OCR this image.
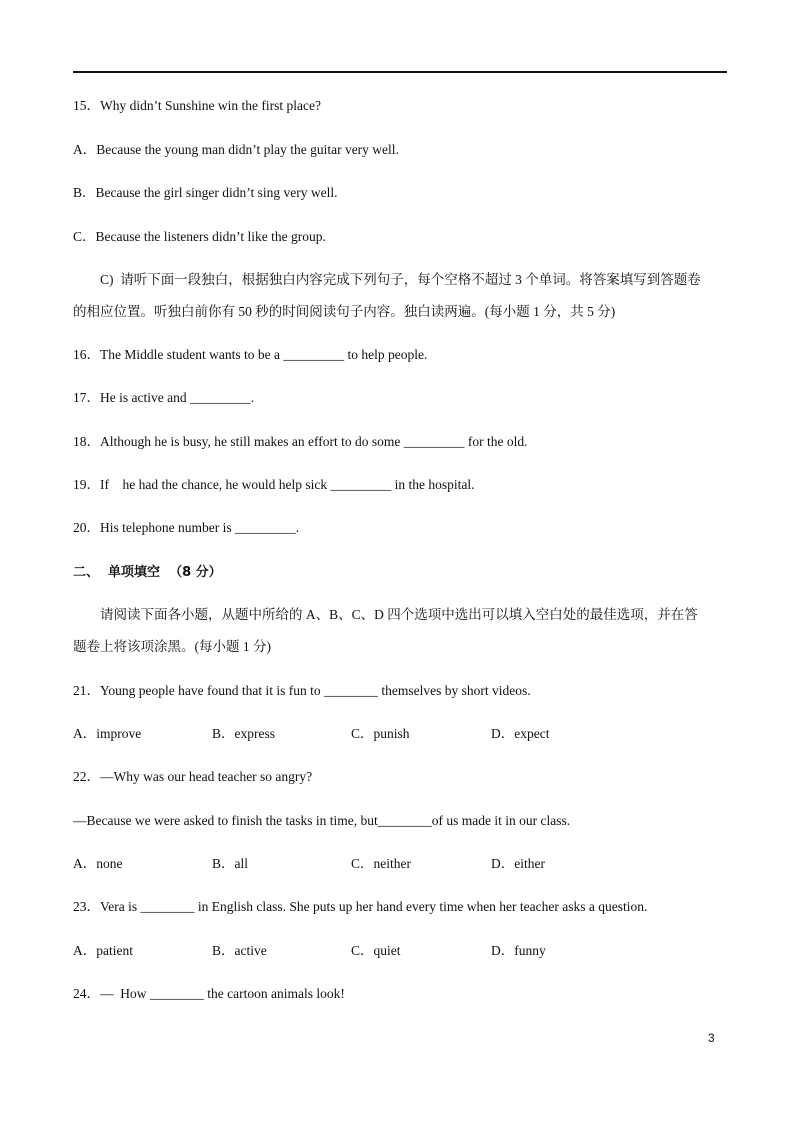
15．Why didn’t Sunshine win the first place?
A．Because the young man didn’t play the guitar very well.
B．Because the girl singer didn’t sing very well.
C．Because the listeners didn’t like the group.
C)  请听下面一段独白，根据独白内容完成下列句子，每个空格不超过 3 个单词。将答案填写到答题卷
的相应位置。听独白前你有 50 秒的时间阅读句子内容。独白读两遍。(每小题 1 分，共 5 分)
16．The Middle student wants to be a _________ to help people.
17．He is active and _________.
18．Although he is busy, he still makes an effort to do some _________ for the old.
19．If    he had the chance, he would help sick _________ in the hospital.
20．His telephone number is _________.
二、  单项填空  （8 分）
请阅读下面各小题，从题中所给的 A、B、C、D 四个选项中选出可以填入空白处的最佳选项，并在答
题卷上将该项涂黑。(每小题 1 分)
21．Young people have found that it is fun to ________ themselves by short videos.
A．improve	B．express	C．punish	D．expect
22．—Why was our head teacher so angry?
—Because we were asked to finish the tasks in time, but________of us made it in our class.
A．none	B．all	C．neither	D．either
23．Vera is ________ in English class. She puts up her hand every time when her teacher asks a question.
A．patient	B．active	C．quiet	D．funny
24．—  How ________ the cartoon animals look!
3
